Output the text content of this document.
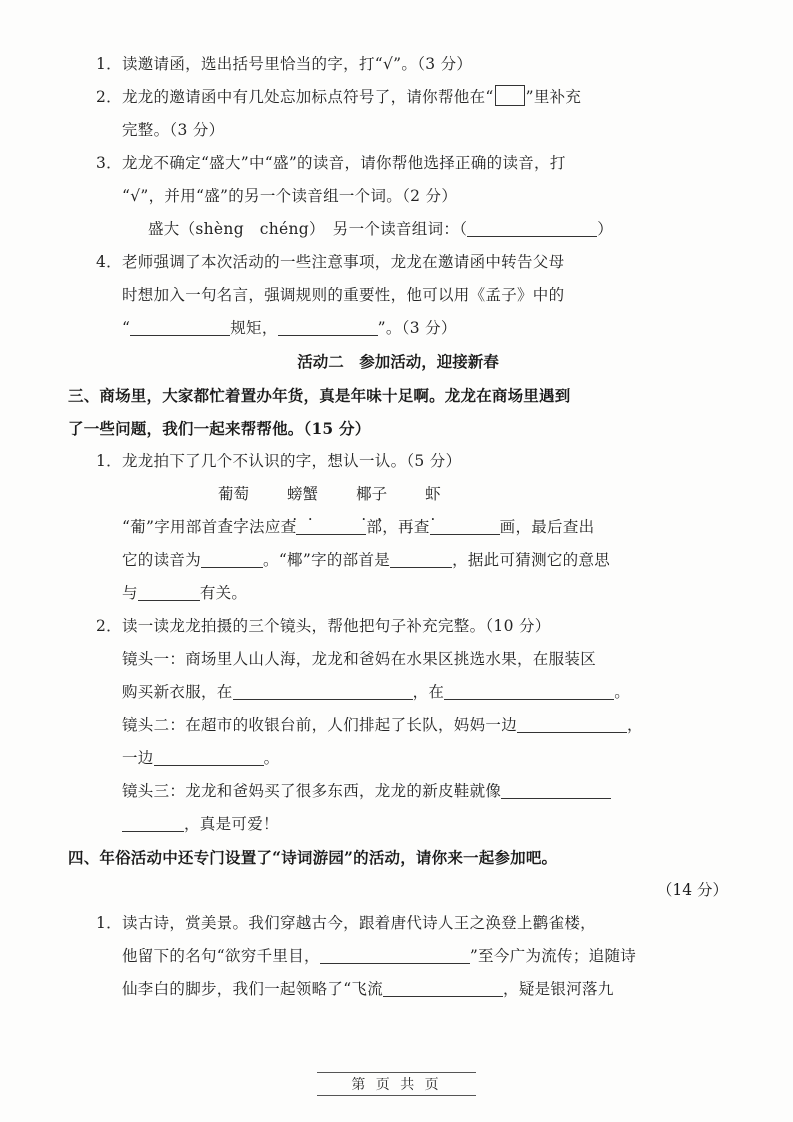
1．读邀请函，选出括号里恰当的字，打“√”。（3 分）
2．龙龙的邀请函中有几处忘加标点符号了，请你帮他在“ ”里补充
完整。（3 分）
3．龙龙不确定“盛大”中“盛”的读音，请你帮他选择正确的读音，打
“√”，并用“盛”的另一个读音组一个词。（2 分）
盛大（shèng　chéng）　另一个读音组词：（	）
4．老师强调了本次活动的一些注意事项，龙龙在邀请函中转告父母
时想加入一句名言，强调规则的重要性，他可以用《孟子》中的
“	规矩，	”。（3 分）
活动二　参加活动，迎接新春
三、商场里，大家都忙着置办年货，真是年味十足啊。龙龙在商场里遇到
了一些问题，我们一起来帮帮他。（15 分）
1．龙龙拍下了几个不认识的字，想认一认。（5 分）
葡萄 螃蟹 椰子 虾
“葡”字用部首查字法应查	部，再查	画，最后查出
它的读音为	。“椰”字的部首是	，据此可猜测它的意思
与	有关。
2．读一读龙龙拍摄的三个镜头，帮他把句子补充完整。（10 分）
镜头一：商场里人山人海，龙龙和爸妈在水果区挑选水果，在服装区
购买新衣服，在	，在	。
镜头二：在超市的收银台前，人们排起了长队，妈妈一边	，
一边	。
镜头三：龙龙和爸妈买了很多东西，龙龙的新皮鞋就像
，真是可爱！
四、年俗活动中还专门设置了“诗词游园”的活动，请你来一起参加吧。
（14 分）
1．读古诗，赏美景。我们穿越古今，跟着唐代诗人王之涣登上鹳雀楼，
他留下的名句“欲穷千里目，	”至今广为流传；追随诗
仙李白的脚步，我们一起领略了“飞流	，疑是银河落九
第 页 共 页
